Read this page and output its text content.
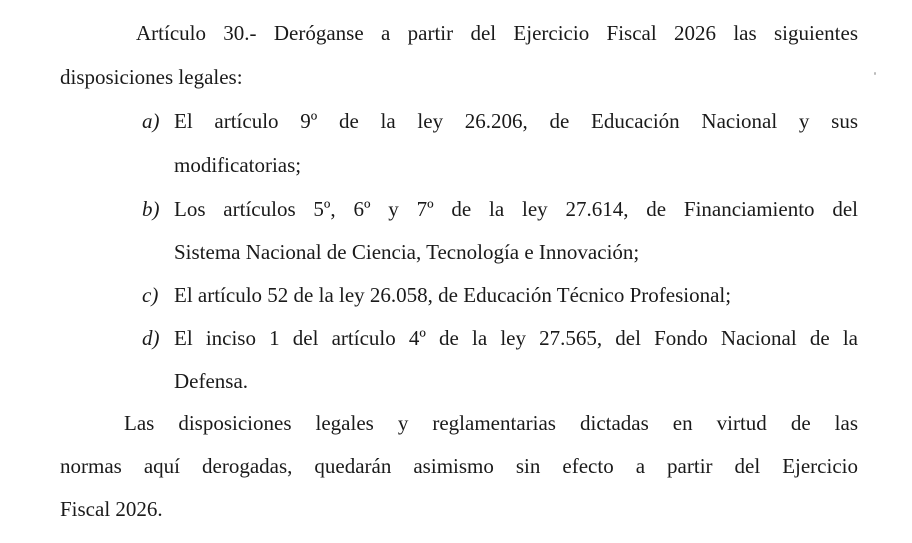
Artículo 30.- Deróganse a partir del Ejercicio Fiscal 2026 las siguientes
disposiciones legales:
a) El artículo 9º de la ley 26.206, de Educación Nacional y sus
modificatorias;
b) Los artículos 5º, 6º y 7º de la ley 27.614, de Financiamiento del
Sistema Nacional de Ciencia, Tecnología e Innovación;
c) El artículo 52 de la ley 26.058, de Educación Técnico Profesional;
d) El inciso 1 del artículo 4º de la ley 27.565, del Fondo Nacional de la
Defensa.
Las disposiciones legales y reglamentarias dictadas en virtud de las
normas aquí derogadas, quedarán asimismo sin efecto a partir del Ejercicio
Fiscal 2026.
